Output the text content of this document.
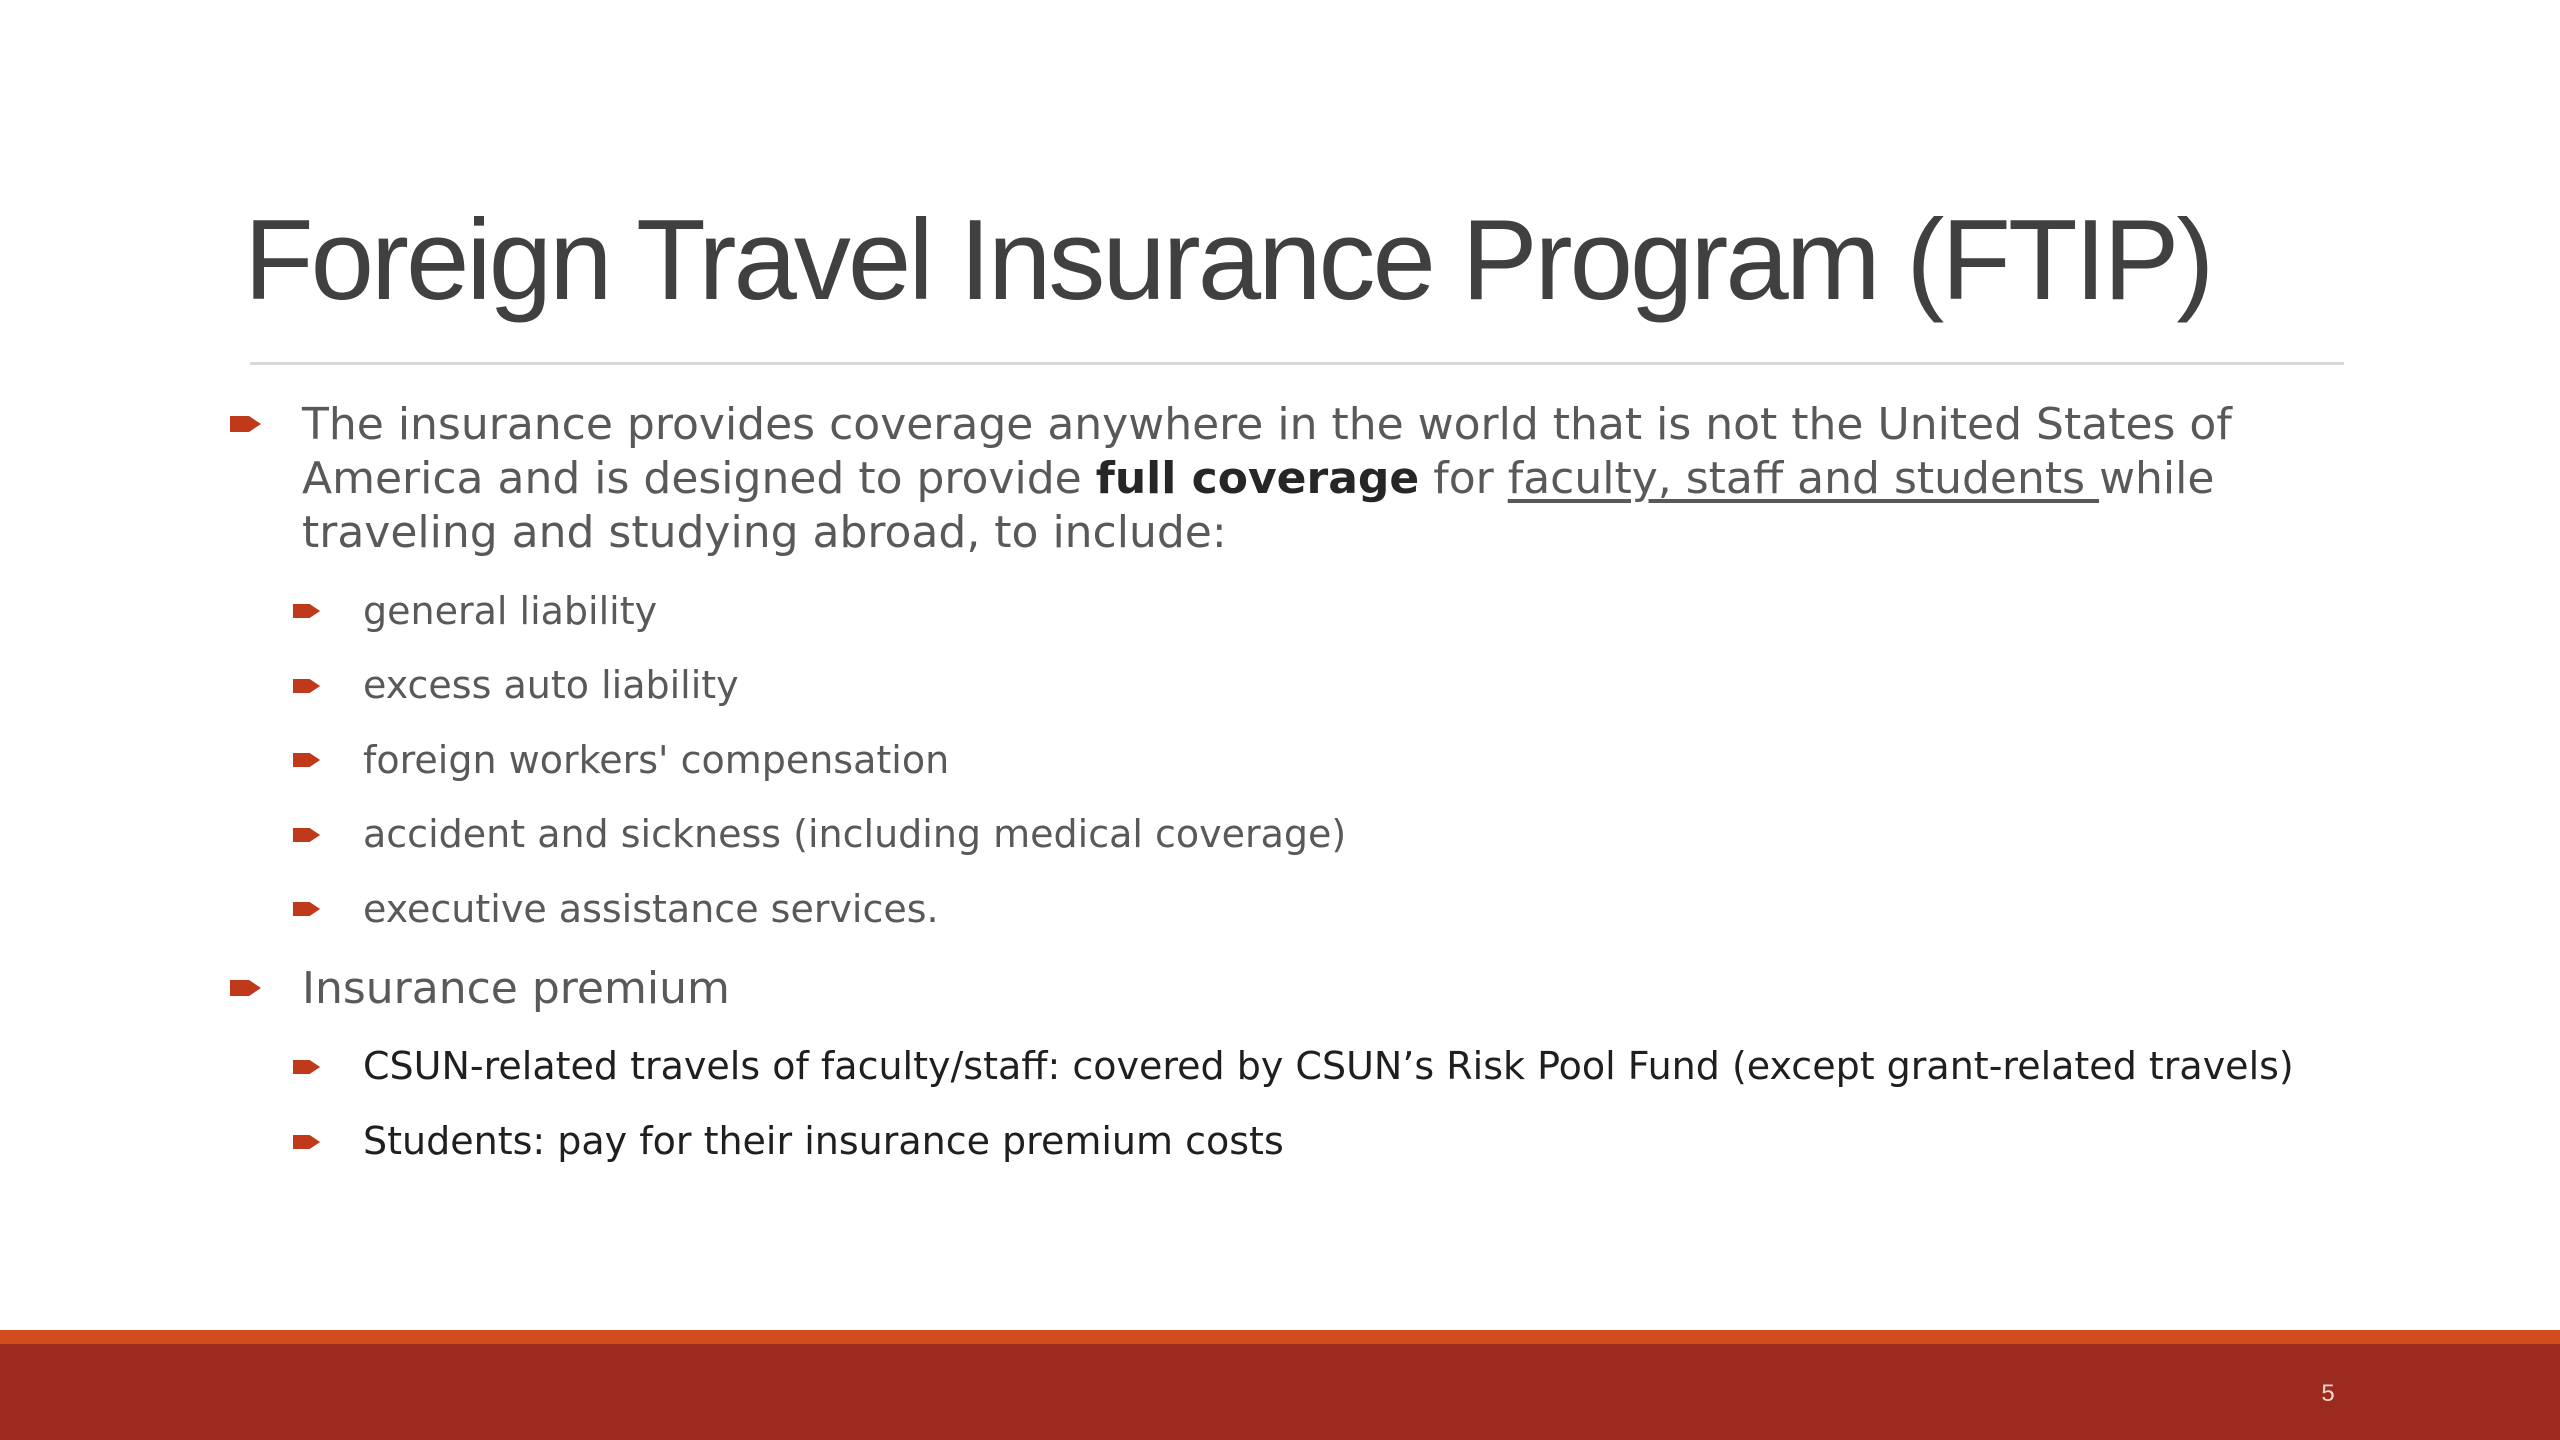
Foreign Travel Insurance Program (FTIP)

The insurance provides coverage anywhere in the world that is not the United States of

America and is designed to provide full coverage for faculty, staff and students while

traveling and studying abroad, to include:

general liability

excess auto liability

foreign workers' compensation

accident and sickness (including medical coverage)

executive assistance services.

Insurance premium

CSUN-related travels of faculty/staff: covered by CSUN’s Risk Pool Fund (except grant-related travels)

Students: pay for their insurance premium costs

5
